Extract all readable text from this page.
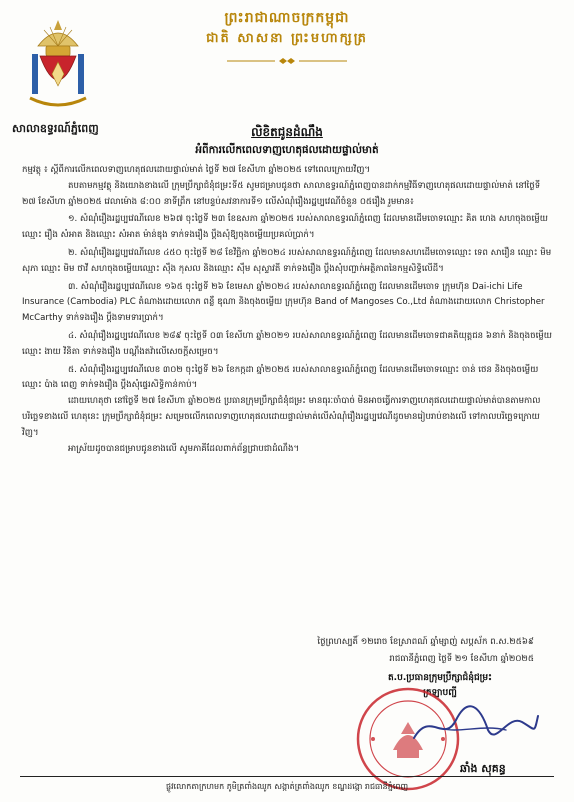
ព្រះរាជាណាចក្រកម្ពុជា
ជាតិ សាសនា ព្រះមហាក្សត្រ
សាលាឧទ្ធរណ៍ភ្នំពេញ	លិខិតជូនដំណឹង
អំពីការលើកពេលទាញហេតុផលដោយផ្ទាល់មាត់

កម្មវត្ថុ ៖ ស្តីពីការលើកពេលទាញហេតុផលដោយផ្ទាល់មាត់ ថ្ងៃទី ២៧ ខែសីហា ឆ្នាំ២០២៥ ទៅពេលក្រោយវិញ។

តបតាមកម្មវត្ថុ និងយោងខាងលើ ក្រុមប្រឹក្សាជំនុំជម្រះទី៥ សូមជម្រាបជូនថា សាលាឧទ្ធរណ៍ភ្នំពេញបានដាក់កម្មវិធីទាញហេតុផលដោយផ្ទាល់មាត់ នៅថ្ងៃទី ២៧ ខែសីហា ឆ្នាំ២០២៥ វេលាម៉ោង ៨:០០ នាទីព្រឹក នៅបន្ទប់សវនាការទី១ លើសំណុំរឿងរដ្ឋប្បវេណីចំនួន ០៥រឿង រួមមាន៖

១. សំណុំរឿងរដ្ឋប្បវេណីលេខ ២៦៧ ចុះថ្ងៃទី ២៣ ខែឧសភា ឆ្នាំ២០២៥ របស់សាលាឧទ្ធរណ៍ភ្នំពេញ ដែលមានដើមចោទឈ្មោះ គិត ហេង សហចុងចម្លើយឈ្មោះ រឿង សំអាត និងឈ្មោះ សំអាត ម៉ាន់ឌុង ទាក់ទងរឿង ប្តឹងសុំឱ្យចុងចម្លើយប្រគល់ប្រាក់។

២. សំណុំរឿងរដ្ឋប្បវេណីលេខ ៤៥០ ចុះថ្ងៃទី ២៨ ខែវិច្ឆិកា ឆ្នាំ២០២៤ របស់សាលាឧទ្ធរណ៍ភ្នំពេញ ដែលមានសហដើមចោទឈ្មោះ ទេព សារឿន ឈ្មោះ មិម សុភា ឈ្មោះ មិម ថាវី សហចុងចម្លើយឈ្មោះ ស៊ឹង កុសល និងឈ្មោះ ស៊ឹម សុស្ទាវតី ទាក់ទងរឿង ប្តឹងសុំបញ្ជាក់អត្ថិភាពនៃកម្មសិទ្ធិលើដី។

៣. សំណុំរឿងរដ្ឋប្បវេណីលេខ ១៦៥ ចុះថ្ងៃទី ២៦ ខែមេសា ឆ្នាំ២០២៤ របស់សាលាឧទ្ធរណ៍ភ្នំពេញ ដែលមានដើមចោទ ក្រុមហ៊ុន Dai-ichi Life Insurance (Cambodia) PLC តំណាងដោយលោក ពន្លឺ ឌុណា និងចុងចម្លើយ ក្រុមហ៊ុន Band of Mangoses Co.,Ltd តំណាងដោយលោក Christopher McCarthy ទាក់ទងរឿង ប្តឹងទាមទារប្រាក់។

៤. សំណុំរឿងរដ្ឋប្បវេណីលេខ ២៨៩ ចុះថ្ងៃទី ០៣ ខែសីហា ឆ្នាំ២០២១ របស់សាលាឧទ្ធរណ៍ភ្នំពេញ ដែលមានដើមចោទជាគតិយុត្តជន ៦នាក់ និងចុងចម្លើយឈ្មោះ ងាយ វិនិតា ទាក់ទងរឿង បណ្តឹងតវ៉ាលើសេចក្តីសម្រេច។

៥. សំណុំរឿងរដ្ឋប្បវេណីលេខ ៣០២ ចុះថ្ងៃទី ២៦ ខែកក្កដា ឆ្នាំ២០២៥ របស់សាលាឧទ្ធរណ៍ភ្នំពេញ ដែលមានដើមចោទឈ្មោះ ចាន់ ថេន និងចុងចម្លើយឈ្មោះ ប៉ាង ពេញ ទាក់ទងរឿង ប្តឹងសុំផ្ទេរសិទ្ធិកាន់កាប់។

ដោយហេតុថា នៅថ្ងៃទី ២៧ ខែសីហា ឆ្នាំ២០២៥ ប្រធានក្រុមប្រឹក្សាជំនុំជម្រះ មានធុរៈចាំបាច់ មិនអាចធ្វើការទាញហេតុផលដោយផ្ទាល់មាត់បានតាមកាលបរិច្ឆេទខាងលើ ហេតុនេះ ក្រុមប្រឹក្សាជំនុំជម្រះ សម្រេចលើកពេលទាញហេតុផលដោយផ្ទាល់មាត់លើសំណុំរឿងរដ្ឋប្បវេណីដូចមានរៀបរាប់ខាងលើ ទៅកាលបរិច្ឆេទក្រោយវិញ។

អាស្រ័យដូចបានជម្រាបជូនខាងលើ សូមភាគីដែលពាក់ព័ន្ធជ្រាបជាដំណឹង។

ថ្ងៃព្រហស្បតិ៍ ១២រោច ខែស្រាពណ៍ ឆ្នាំម្សាញ់ សប្តស័ក ព.ស.២៥៦៩
រាជធានីភ្នំពេញ ថ្ងៃទី ២១ ខែសីហា ឆ្នាំ២០២៥
ត.ប.ប្រធានក្រុមប្រឹក្សាជំនុំជម្រះ
ក្រឡាបញ្ជី
ឆាំង សុគន្ធ
ផ្លូវលោកតាក្រហមក ភូមិត្រពាំងឈូក សង្កាត់ត្រពាំងឈូក ខណ្ឌដង្កោ រាជធានីភ្នំពេញ
